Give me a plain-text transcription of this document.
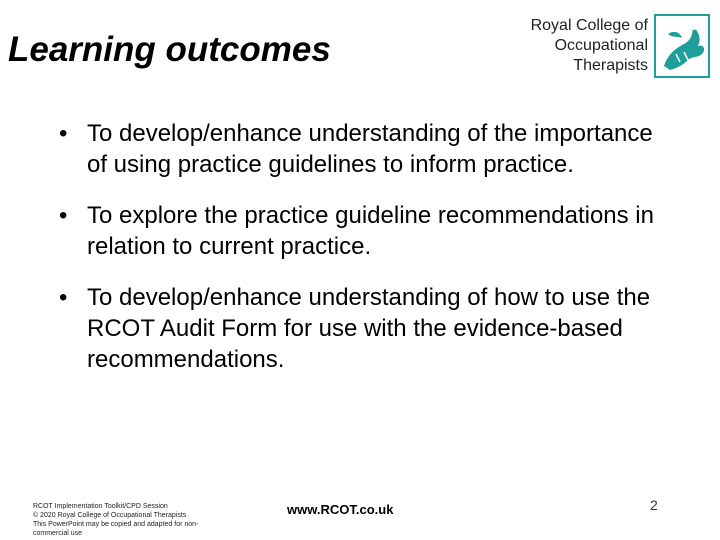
Learning outcomes
Royal College of
Occupational
Therapists
• To develop/enhance understanding of the importance of using practice guidelines to inform practice.
• To explore the practice guideline recommendations in relation to current practice.
• To develop/enhance understanding of how to use the RCOT Audit Form for use with the evidence-based recommendations.
RCOT Implementation Toolkit/CPD Session
© 2020 Royal College of Occupational Therapists
This PowerPoint may be copied and adapted for non-commercial use
www.RCOT.co.uk	2
